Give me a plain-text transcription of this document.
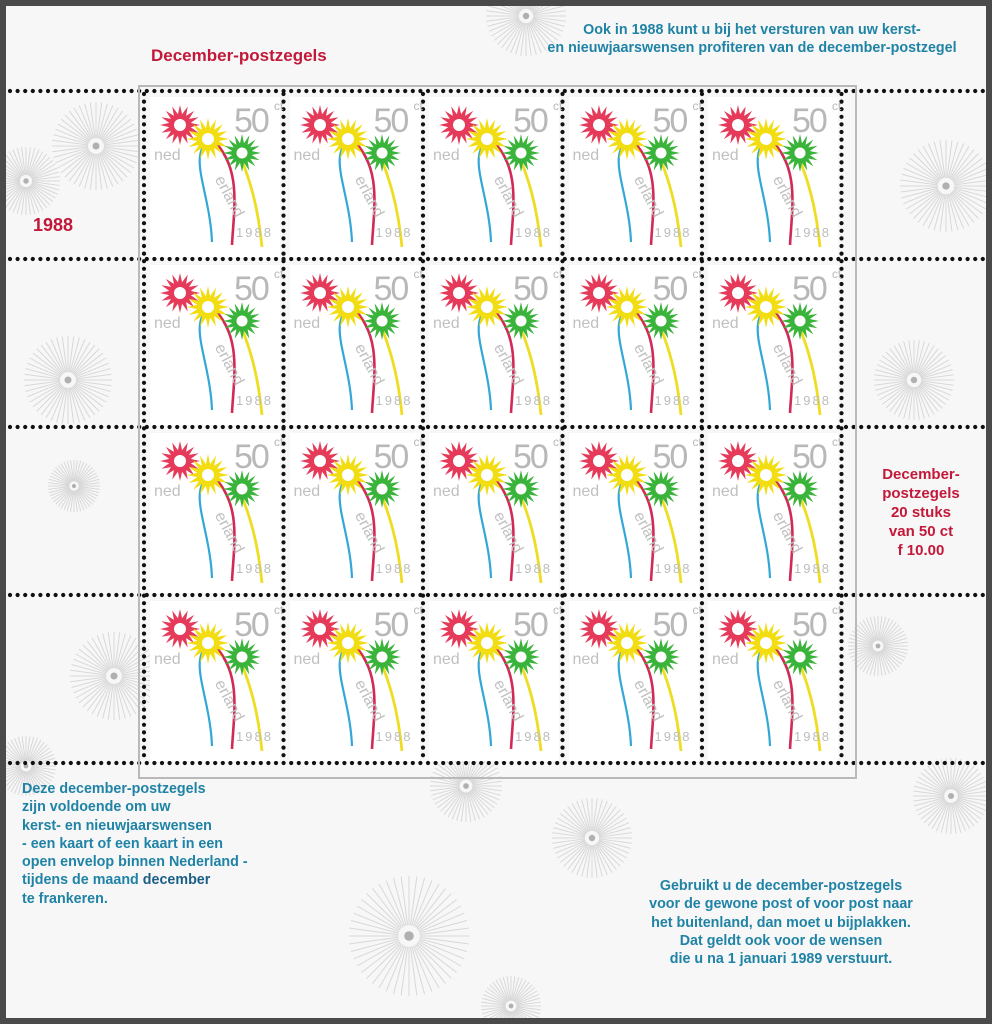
December-postzegels

1988

Ook in 1988 kunt u bij het versturen van uw kerst-
en nieuwjaarswensen profiteren van de december-postzegel
50 ct
ned
erland
1988
50 ct
ned
erland
1988
50 ct
ned
erland
1988
50 ct
ned
erland
1988
50 ct
ned
erland
1988
50 ct
ned
erland
1988
50 ct
ned
erland
1988
50 ct
ned
erland
1988
50 ct
ned
erland
1988
50 ct
ned
erland
1988
50 ct
ned
erland
1988
50 ct
ned
erland
1988
50 ct
ned
erland
1988
50 ct
ned
erland
1988
50 ct
ned
erland
1988
50 ct
ned
erland
1988
50 ct
ned
erland
1988
50 ct
ned
erland
1988
50 ct
ned
erland
1988
50 ct
ned
erland
1988
December-
postzegels
20 stuks
van 50 ct
f 10.00
Deze december-postzegels
zijn voldoende om uw
kerst- en nieuwjaarswensen
- een kaart of een kaart in een
open envelop binnen Nederland -
tijdens de maand december
te frankeren.
Gebruikt u de december-postzegels
voor de gewone post of voor post naar
het buitenland, dan moet u bijplakken.
Dat geldt ook voor de wensen
die u na 1 januari 1989 verstuurt.
